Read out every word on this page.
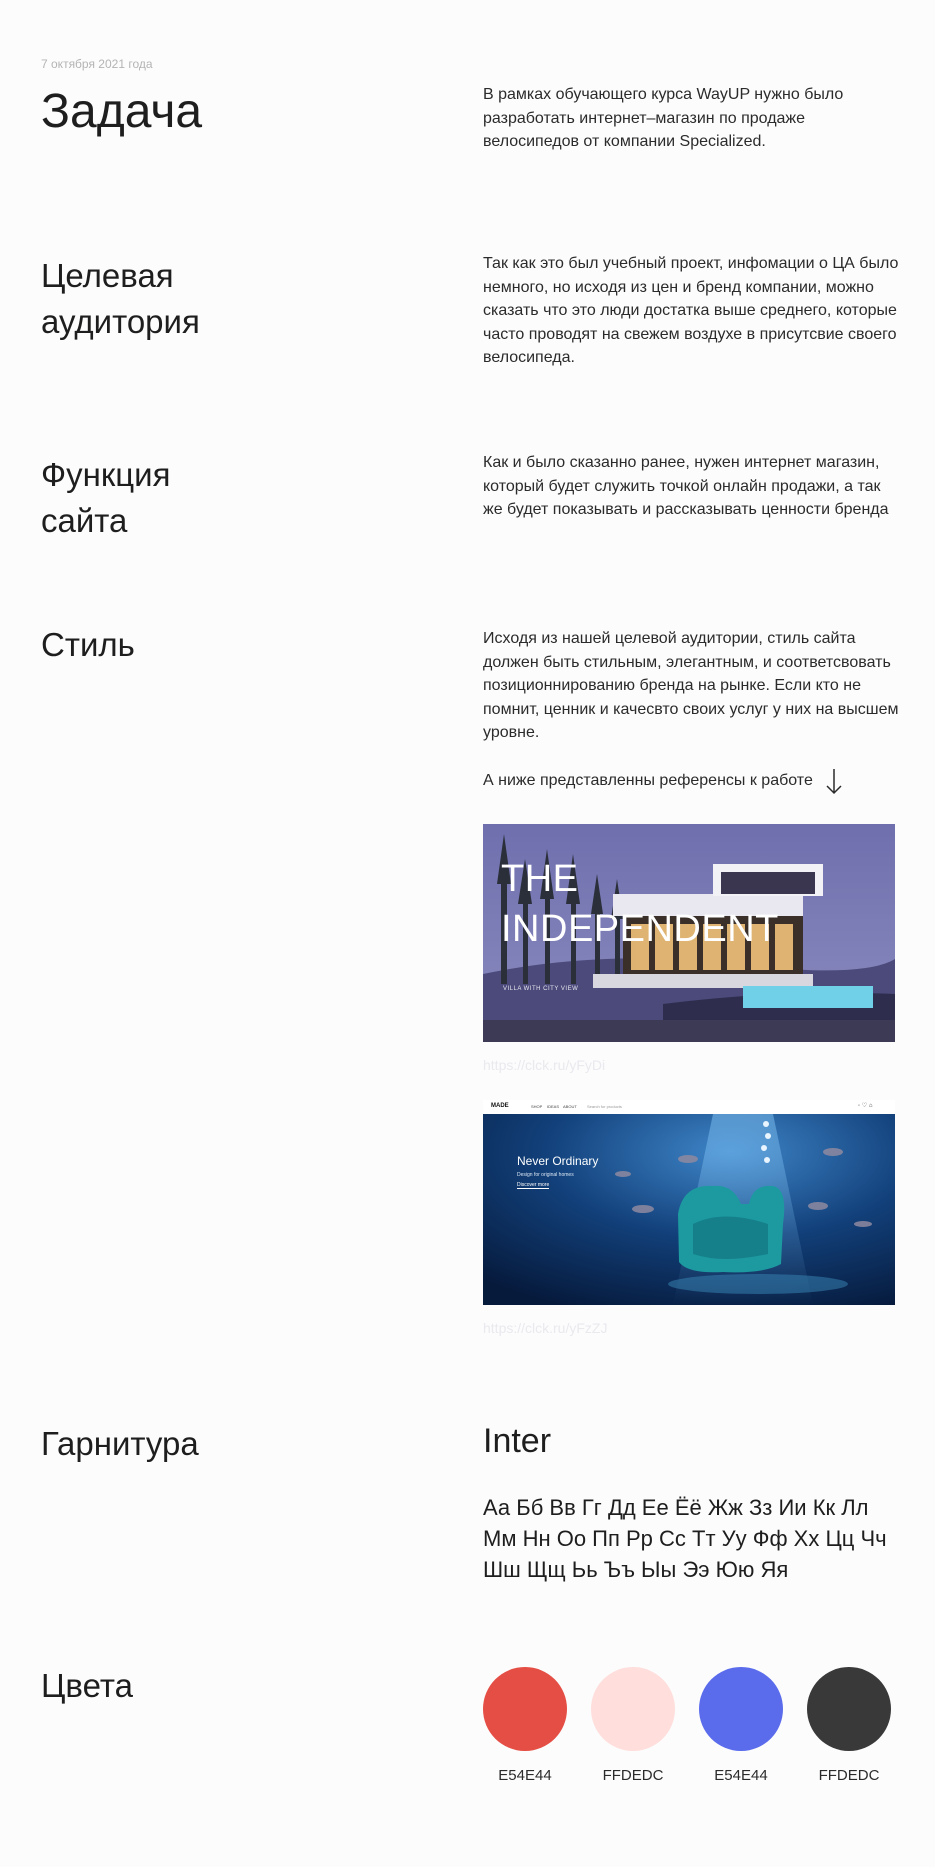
7 октября 2021 года
Задача	В рамках обучающего курса WayUP нужно было разработать интернет–магазин по продаже велосипедов от компании Specialized.

Целевая
аудитория

Так как это был учебный проект, инфомации о ЦА было немного, но исходя из цен и бренд компании, можно сказать что это люди достатка выше среднего, которые часто проводят на свежем воздухе в присутсвие своего велосипеда.

Функция
сайта

Как и было сказанно ранее, нужен интернет магазин, который будет служить точкой онлайн продажи, а так же будет показывать и рассказывать ценности бренда

Стиль	Исходя из нашей целевой аудитории, стиль сайта должен быть стильным, элегантным, и соответсвовать позиционнированию бренда на рынке. Если кто не помнит, ценник и качесвто своих услуг у них на высшем уровне.

А ниже представленны референсы к работе
THE
INDEPENDENT
VILLA WITH CITY VIEW
https://clck.ru/yFyDi
MADE	SHOP IDEAS ABOUT	Search for products	◦ ♡ ⌂
Never Ordinary
Design for original homes
Discover more
https://clck.ru/yFzZJ
Гарнитура	Inter

Аа Бб Вв Гг Дд Ее Ёё Жж Зз Ии Кк Лл Мм Нн Оо Пп Рр Сс Тт Уу Фф Хх Цц Чч Шш Щщ Ьь Ъъ Ыы Ээ Юю Яя

Цвета
E54E44	FFDEDC	E54E44	FFDEDC
